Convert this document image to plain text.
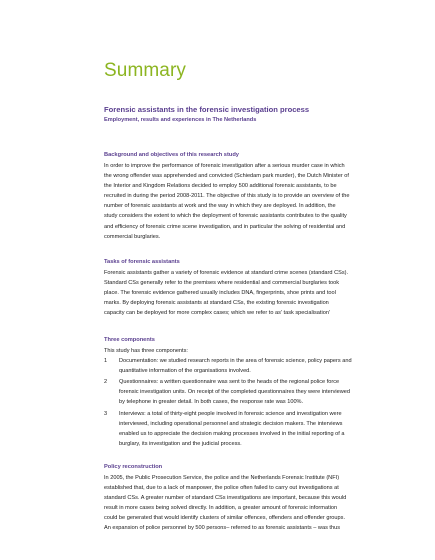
Summary
Forensic assistants in the forensic investigation process
Employment, results and experiences in The Netherlands
Background and objectives of this research study

In order to improve the performance of forensic investigation after a serious murder case in which

the wrong offender was apprehended and convicted (Schiedam park murder), the Dutch Minister of

the Interior and Kingdom Relations decided to employ 500 additional forensic assistants, to be

recruited in during the period 2008-2011. The objective of this study is to provide an overview of the

number of forensic assistants at work and the way in which they are deployed. In addition, the

study considers the extent to which the deployment of forensic assistants contributes to the quality

and efficiency of forensic crime scene investigation, and in particular the solving of residential and

commercial burglaries.

Tasks of forensic assistants

Forensic assistants gather a variety of forensic evidence at standard crime scenes (standard CSs).

Standard CSs generally refer to the premises where residential and commercial burglaries took

place. The forensic evidence gathered usually includes DNA, fingerprints, shoe prints and tool

marks. By deploying forensic assistants at standard CSs, the existing forensic investigation

capacity can be deployed for more complex cases; which we refer to as' task specialisation'

Three components

This study has three components:

1 Documentation: we studied research reports in the area of forensic science, policy papers and

quantitative information of the organisations involved.

2 Questionnaires: a written questionnaire was sent to the heads of the regional police force

forensic investigation units. On receipt of the completed questionnaires they were interviewed

by telephone in greater detail. In both cases, the response rate was 100%.

3 Interviews: a total of thirty-eight people involved in forensic science and investigation were

interviewed, including operational personnel and strategic decision makers. The interviews

enabled us to appreciate the decision making processes involved in the initial reporting of a

burglary, its investigation and the judicial process.

Policy reconstruction

In 2005, the Public Prosecution Service, the police and the Netherlands Forensic Institute (NFI)

established that, due to a lack of manpower, the police often failed to carry out investigations at

standard CSs. A greater number of standard CSs investigations are important, because this would

result in more cases being solved directly. In addition, a greater amount of forensic information

could be generated that would identify clusters of similar offences, offenders and offender groups.

An expansion of police personnel by 500 persons– referred to as forensic assistants – was thus
